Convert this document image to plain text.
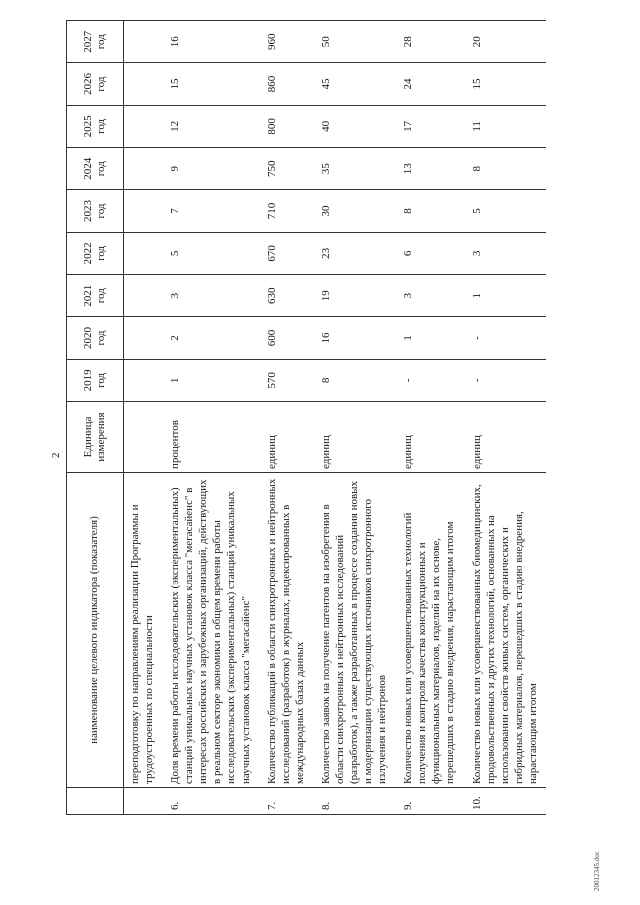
2
	наименование целевого индикатора (показателя)	Единица измерения	2019 год	2020 год	2021 год	2022 год	2023 год	2024 год	2025 год	2026 год	2027 год
	переподготовку по направлениям реализации Программы и трудоустроенных по специальности										
6.	Доля времени работы исследовательских (экспериментальных) станций уникальных научных установок класса "мегасайенс" в интересах российских и зарубежных организаций, действующих в реальном секторе экономики в общем времени работы исследовательских (экспериментальных) станций уникальных научных установок класса "мегасайенс"	процентов	1	2	3	5	7	9	12	15	16
7.	Количество публикаций в области синхротронных и нейтронных исследований (разработок) в журналах, индексированных в международных базах данных	единиц	570	600	630	670	710	750	800	860	960
8.	Количество заявок на получение патентов на изобретения в области синхротронных и нейтронных исследований (разработок), а также разработанных в процессе создания новых и модернизации существующих источников синхротронного излучения и нейтронов	единиц	8	16	19	23	30	35	40	45	50
9.	Количество новых или усовершенствованных технологий получения и контроля качества конструкционных и функциональных материалов, изделий на их основе, перешедших в стадию внедрения, нарастающим итогом	единиц	-	1	3	6	8	13	17	24	28
10.	Количество новых или усовершенствованных биомедицинских, продовольственных и других технологий, основанных на использовании свойств живых систем, органических и гибридных материалов, перешедших в стадию внедрения, нарастающим итогом	единиц	-	-	1	3	5	8	11	15	20
20012345.doc
